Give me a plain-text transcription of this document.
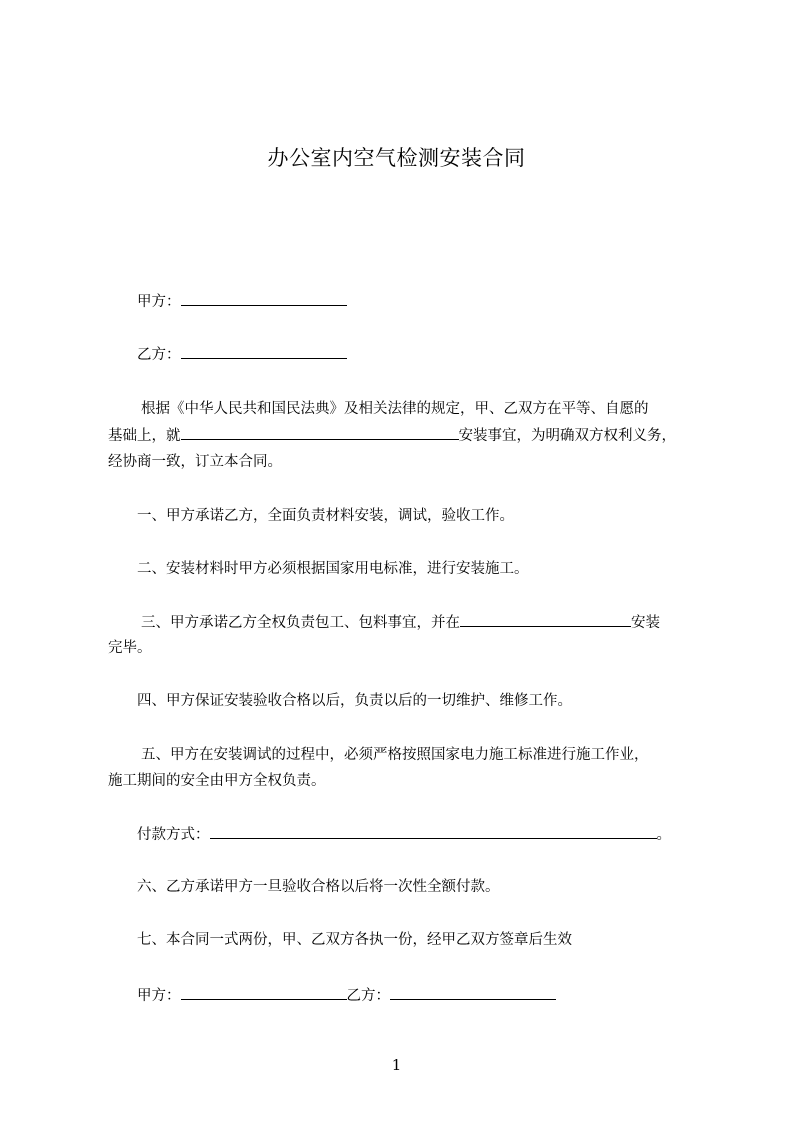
办公室内空气检测安装合同
甲方：
乙方：
根据《中华人民共和国民法典》及相关法律的规定，甲、乙双方在平等、自愿的
基础上，就	安装事宜，为明确双方权利义务，
经协商一致，订立本合同。
一、甲方承诺乙方，全面负责材料安装，调试，验收工作。
二、安装材料时甲方必须根据国家用电标准，进行安装施工。
三、甲方承诺乙方全权负责包工、包料事宜，并在	安装
完毕。
四、甲方保证安装验收合格以后，负责以后的一切维护、维修工作。
五、甲方在安装调试的过程中，必须严格按照国家电力施工标准进行施工作业，
施工期间的安全由甲方全权负责。
付款方式：	。
六、乙方承诺甲方一旦验收合格以后将一次性全额付款。
七、本合同一式两份，甲、乙双方各执一份，经甲乙双方签章后生效
甲方：	乙方：
1
